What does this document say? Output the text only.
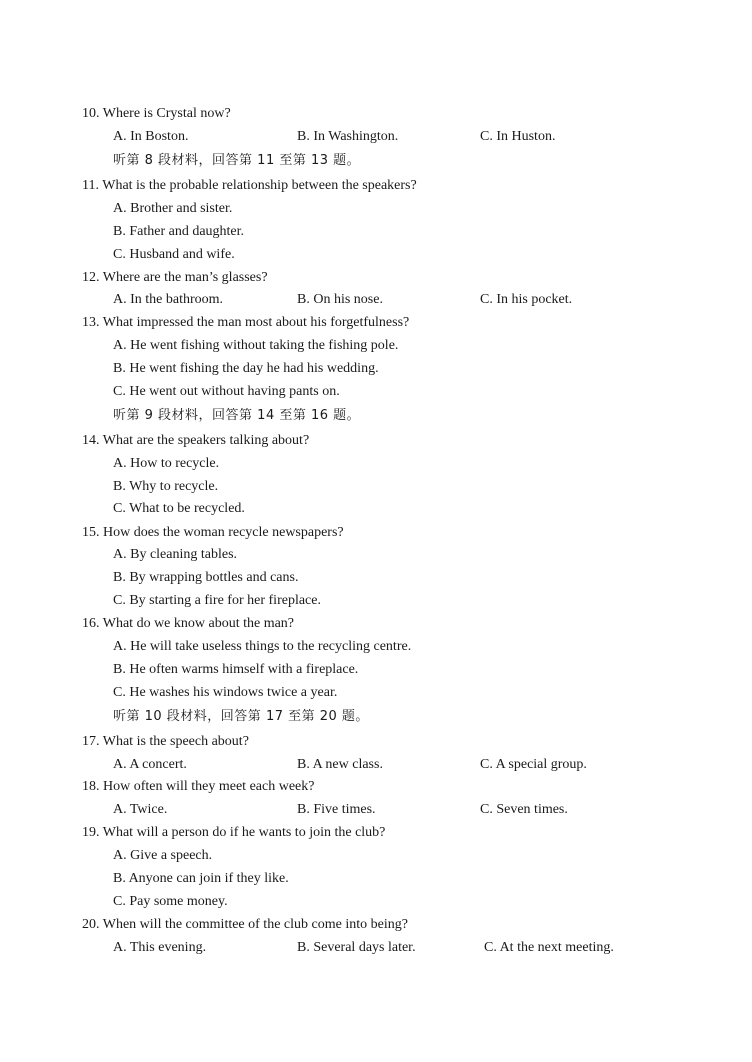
10. Where is Crystal now?
A. In Boston.	B. In Washington.	C. In Huston.
听第 8 段材料，回答第 11 至第 13 题。
11. What is the probable relationship between the speakers?
A. Brother and sister.
B. Father and daughter.
C. Husband and wife.
12. Where are the man’s glasses?
A. In the bathroom.	B. On his nose.	C. In his pocket.
13. What impressed the man most about his forgetfulness?
A. He went fishing without taking the fishing pole.
B. He went fishing the day he had his wedding.
C. He went out without having pants on.
听第 9 段材料，回答第 14 至第 16 题。
14. What are the speakers talking about?
A. How to recycle.
B. Why to recycle.
C. What to be recycled.
15. How does the woman recycle newspapers?
A. By cleaning tables.
B. By wrapping bottles and cans.
C. By starting a fire for her fireplace.
16. What do we know about the man?
A. He will take useless things to the recycling centre.
B. He often warms himself with a fireplace.
C. He washes his windows twice a year.
听第 10 段材料，回答第 17 至第 20 题。
17. What is the speech about?
A. A concert.	B. A new class.	C. A special group.
18. How often will they meet each week?
A. Twice.	B. Five times.	C. Seven times.
19. What will a person do if he wants to join the club?
A. Give a speech.
B. Anyone can join if they like.
C. Pay some money.
20. When will the committee of the club come into being?
A. This evening.	B. Several days later.	C. At the next meeting.
